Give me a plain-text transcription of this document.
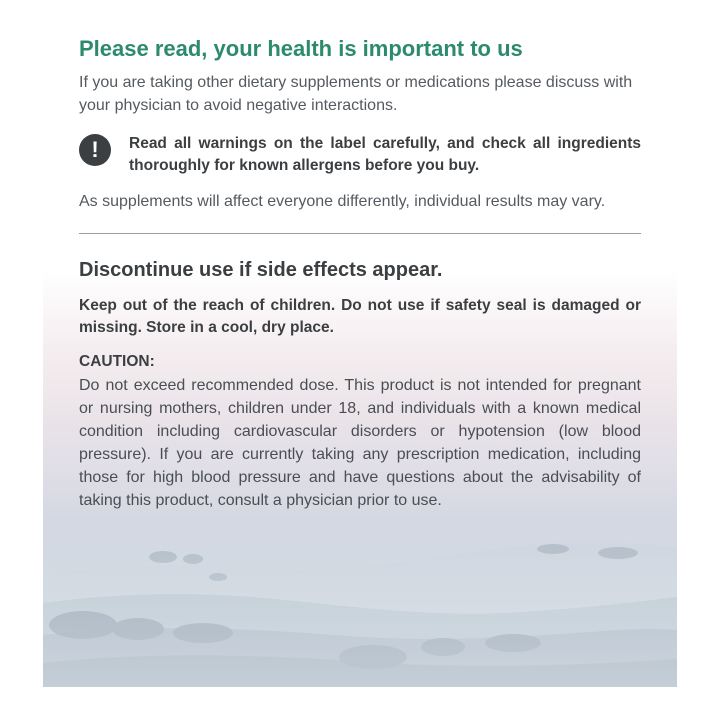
Please read, your health is important to us
If you are taking other dietary supplements or medications please discuss with your physician to avoid negative interactions.
!	Read all warnings on the label carefully, and check all ingredients thoroughly for known allergens before you buy.
As supplements will affect everyone differently, individual results may vary.
Discontinue use if side effects appear.
Keep out of the reach of children. Do not use if safety seal is damaged or missing. Store in a cool, dry place.
CAUTION:
Do not exceed recommended dose. This product is not intended for pregnant or nursing mothers, children under 18, and individuals with a known medical condition including cardiovascular disorders or hypotension (low blood pressure). If you are currently taking any prescription medication, including those for high blood pressure and have questions about the advisability of taking this product, consult a physician prior to use.
